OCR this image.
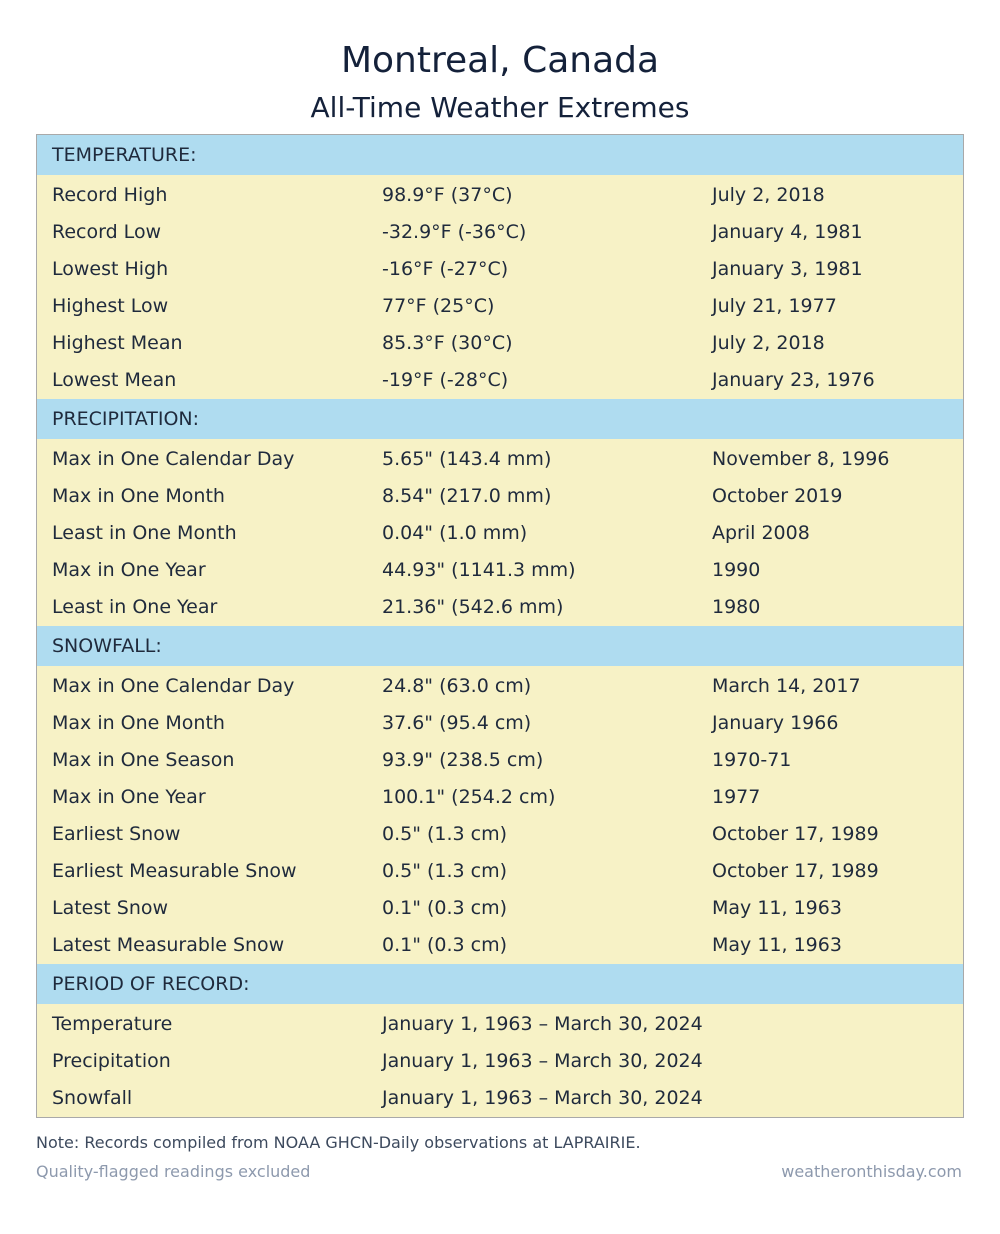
Montreal, Canada
All-Time Weather Extremes
TEMPERATURE:
Record High	98.9°F (37°C)	July 2, 2018
Record Low	-32.9°F (-36°C)	January 4, 1981
Lowest High	-16°F (-27°C)	January 3, 1981
Highest Low	77°F (25°C)	July 21, 1977
Highest Mean	85.3°F (30°C)	July 2, 2018
Lowest Mean	-19°F (-28°C)	January 23, 1976
PRECIPITATION:
Max in One Calendar Day	5.65" (143.4 mm)	November 8, 1996
Max in One Month	8.54" (217.0 mm)	October 2019
Least in One Month	0.04" (1.0 mm)	April 2008
Max in One Year	44.93" (1141.3 mm)	1990
Least in One Year	21.36" (542.6 mm)	1980
SNOWFALL:
Max in One Calendar Day	24.8" (63.0 cm)	March 14, 2017
Max in One Month	37.6" (95.4 cm)	January 1966
Max in One Season	93.9" (238.5 cm)	1970-71
Max in One Year	100.1" (254.2 cm)	1977
Earliest Snow	0.5" (1.3 cm)	October 17, 1989
Earliest Measurable Snow	0.5" (1.3 cm)	October 17, 1989
Latest Snow	0.1" (0.3 cm)	May 11, 1963
Latest Measurable Snow	0.1" (0.3 cm)	May 11, 1963
PERIOD OF RECORD:
Temperature	January 1, 1963 – March 30, 2024
Precipitation	January 1, 1963 – March 30, 2024
Snowfall	January 1, 1963 – March 30, 2024
Note: Records compiled from NOAA GHCN-Daily observations at LAPRAIRIE.
Quality-flagged readings excluded	weatheronthisday.com
